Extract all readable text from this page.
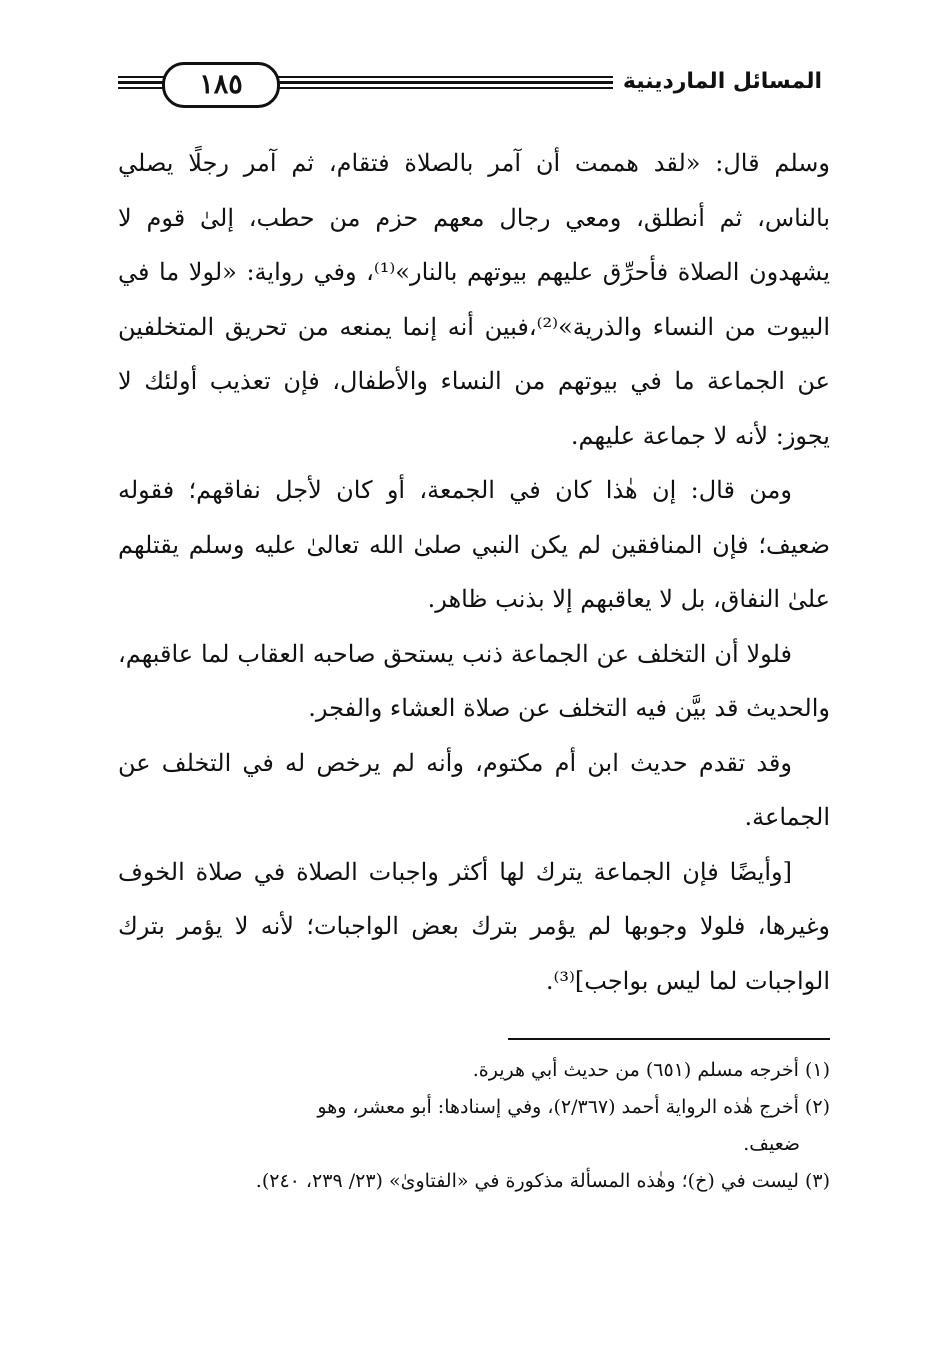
١٨٥	المسائل الماردينية

وسلم قال: «لقد هممت أن آمر بالصلاة فتقام، ثم آمر رجلًا يصلي بالناس، ثم أنطلق، ومعي رجال معهم حزم من حطب، إلىٰ قوم لا يشهدون الصلاة فأحرِّق عليهم بيوتهم بالنار»⁽¹⁾، وفي رواية: «لولا ما في البيوت من النساء والذرية»⁽²⁾،فبين أنه إنما يمنعه من تحريق المتخلفين عن الجماعة ما في بيوتهم من النساء والأطفال، فإن تعذيب أولئك لا يجوز: لأنه لا جماعة عليهم.

ومن قال: إن هٰذا كان في الجمعة، أو كان لأجل نفاقهم؛ فقوله ضعيف؛ فإن المنافقين لم يكن النبي صلىٰ الله تعالىٰ عليه وسلم يقتلهم علىٰ النفاق، بل لا يعاقبهم إلا بذنب ظاهر.

فلولا أن التخلف عن الجماعة ذنب يستحق صاحبه العقاب لما عاقبهم، والحديث قد بيَّن فيه التخلف عن صلاة العشاء والفجر.

وقد تقدم حديث ابن أم مكتوم، وأنه لم يرخص له في التخلف عن الجماعة.

[وأيضًا فإن الجماعة يترك لها أكثر واجبات الصلاة في صلاة الخوف وغيرها، فلولا وجوبها لم يؤمر بترك بعض الواجبات؛ لأنه لا يؤمر بترك الواجبات لما ليس بواجب]⁽³⁾.

(١) أخرجه مسلم (٦٥١) من حديث أبي هريرة.

(٢) أخرج هٰذه الرواية أحمد (٢/٣٦٧)، وفي إسنادها: أبو معشر، وهو

ضعيف.

(٣) ليست في (خ)؛ وهٰذه المسألة مذكورة في «الفتاوىٰ» (٢٣/ ٢٣٩، ٢٤٠).
